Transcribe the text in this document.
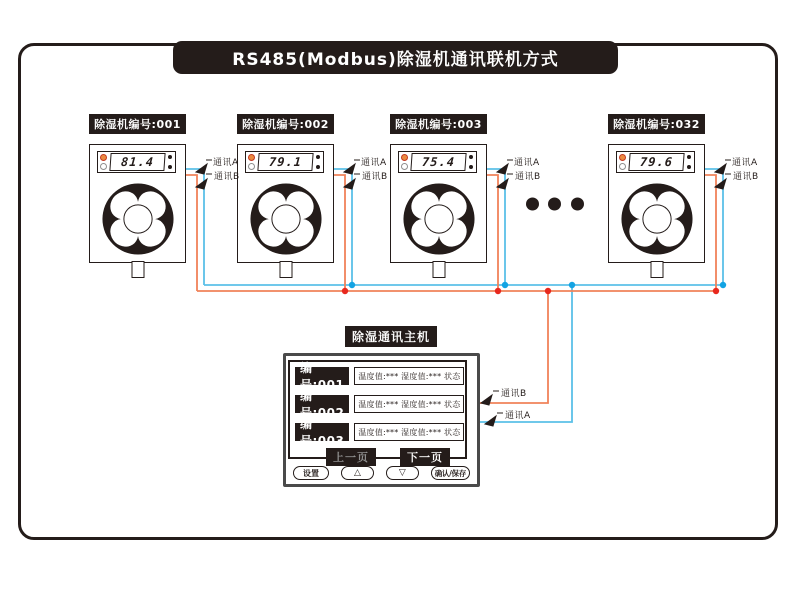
RS485(Modbus)除湿机通讯联机方式
除湿机编号:001
81.4
除湿机编号:002
79.1
除湿机编号:003
75.4
除湿机编号:032
79.6
通讯A
通讯B
通讯A
通讯B
通讯A
通讯B
通讯A
通讯B
通讯B
通讯A
除湿通讯主机
编号:001
温度值:*** 湿度值:*** 状态
编号:002
温度值:*** 湿度值:*** 状态
编号:003
温度值:*** 湿度值:*** 状态
上一页	下一页
设置	△	▽	确认/保存
